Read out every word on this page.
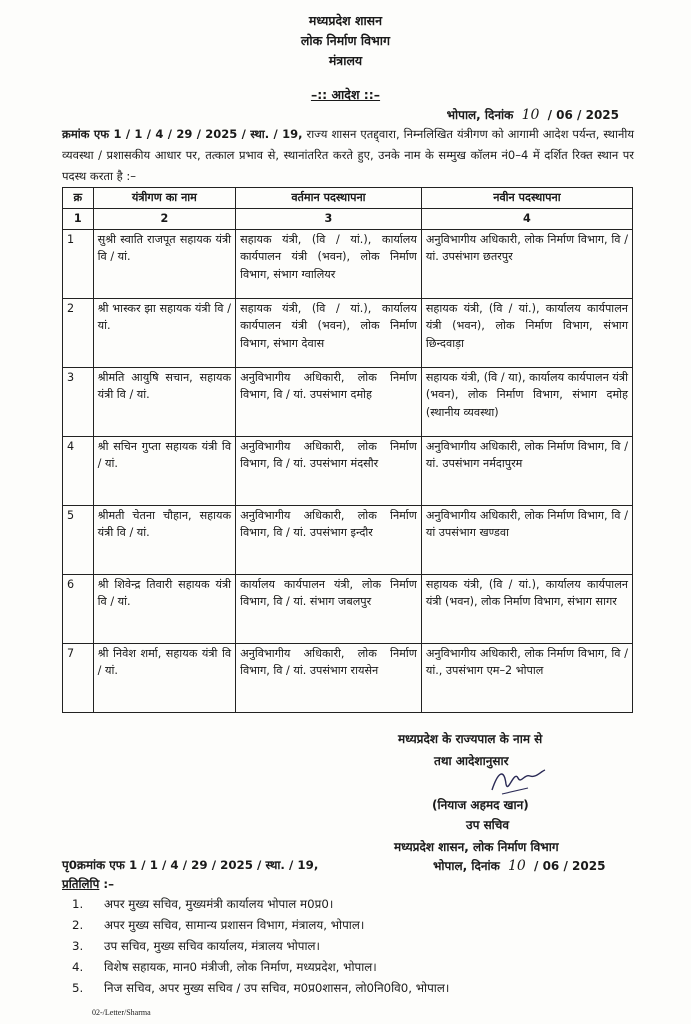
मध्यप्रदेश शासन
लोक निर्माण विभाग
मंत्रालय
–:: आदेश ::–
भोपाल, दिनांक 10 / 06 / 2025
क्रमांक एफ 1 / 1 / 4 / 29 / 2025 / स्था. / 19, राज्य शासन एतद्द्वारा, निम्नलिखित यंत्रीगण को आगामी आदेश पर्यन्त, स्थानीय व्यवस्था / प्रशासकीय आधार पर, तत्काल प्रभाव से, स्थानांतरित करते हुए, उनके नाम के सम्मुख कॉलम नं0–4 में दर्शित रिक्त स्थान पर पदस्थ करता है :–
क्र	यंत्रीगण का नाम	वर्तमान पदस्थापना	नवीन पदस्थापना
1	2	3	4
1	सुश्री स्वाति राजपूत सहायक यंत्री वि / यां.	सहायक यंत्री, (वि / यां.), कार्यालय कार्यपालन यंत्री (भवन), लोक निर्माण विभाग, संभाग ग्वालियर	अनुविभागीय अधिकारी, लोक निर्माण विभाग, वि / यां. उपसंभाग छतरपुर
2	श्री भास्कर झा सहायक यंत्री वि / यां.	सहायक यंत्री, (वि / यां.), कार्यालय कार्यपालन यंत्री (भवन), लोक निर्माण विभाग, संभाग देवास	सहायक यंत्री, (वि / यां.), कार्यालय कार्यपालन यंत्री (भवन), लोक निर्माण विभाग, संभाग छिन्दवाड़ा
3	श्रीमति आयुषि सचान, सहायक यंत्री वि / यां.	अनुविभागीय अधिकारी, लोक निर्माण विभाग, वि / यां. उपसंभाग दमोह	सहायक यंत्री, (वि / या), कार्यालय कार्यपालन यंत्री (भवन), लोक निर्माण विभाग, संभाग दमोह (स्थानीय व्यवस्था)
4	श्री सचिन गुप्ता सहायक यंत्री वि / यां.	अनुविभागीय अधिकारी, लोक निर्माण विभाग, वि / यां. उपसंभाग मंदसौर	अनुविभागीय अधिकारी, लोक निर्माण विभाग, वि / यां. उपसंभाग नर्मदापुरम
5	श्रीमती चेतना चौहान, सहायक यंत्री वि / यां.	अनुविभागीय अधिकारी, लोक निर्माण विभाग, वि / यां. उपसंभाग इन्दौर	अनुविभागीय अधिकारी, लोक निर्माण विभाग, वि / यां उपसंभाग खण्डवा
6	श्री शिवेन्द्र तिवारी सहायक यंत्री वि / यां.	कार्यालय कार्यपालन यंत्री, लोक निर्माण विभाग, वि / यां. संभाग जबलपुर	सहायक यंत्री, (वि / यां.), कार्यालय कार्यपालन यंत्री (भवन), लोक निर्माण विभाग, संभाग सागर
7	श्री निवेश शर्मा, सहायक यंत्री वि / यां.	अनुविभागीय अधिकारी, लोक निर्माण विभाग, वि / यां. उपसंभाग रायसेन	अनुविभागीय अधिकारी, लोक निर्माण विभाग, वि / यां., उपसंभाग एम–2 भोपाल
मध्यप्रदेश के राज्यपाल के नाम से
तथा आदेशानुसार
(नियाज अहमद खान)
उप सचिव
मध्यप्रदेश शासन, लोक निर्माण विभाग
भोपाल, दिनांक 10 / 06 / 2025
पृ0क्रमांक एफ 1 / 1 / 4 / 29 / 2025 / स्था. / 19,
प्रतिलिपि :–
1. अपर मुख्य सचिव, मुख्यमंत्री कार्यालय भोपाल म0प्र0।
2. अपर मुख्य सचिव, सामान्य प्रशासन विभाग, मंत्रालय, भोपाल।
3. उप सचिव, मुख्य सचिव कार्यालय, मंत्रालय भोपाल।
4. विशेष सहायक, मान0 मंत्रीजी, लोक निर्माण, मध्यप्रदेश, भोपाल।
5. निज सचिव, अपर मुख्य सचिव / उप सचिव, म0प्र0शासन, लो0नि0वि0, भोपाल।
02-/Letter/Sharma
